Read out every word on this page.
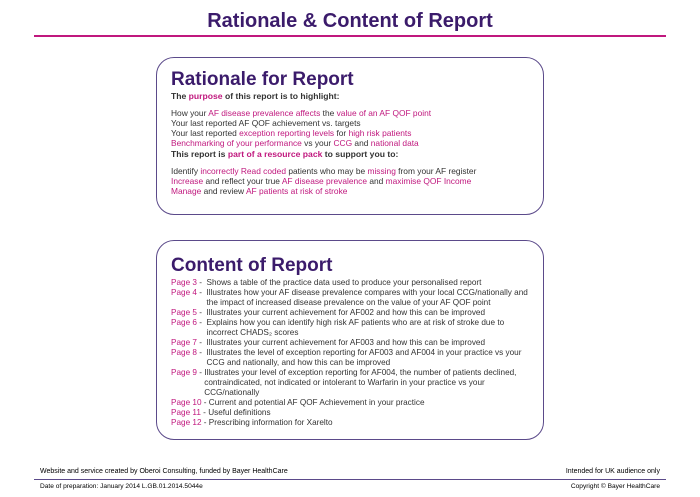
Rationale & Content of Report
Rationale for Report
The purpose of this report is to highlight:
How your AF disease prevalence affects the value of an AF QOF point
Your last reported AF QOF achievement vs. targets
Your last reported exception reporting levels for high risk patients
Benchmarking of your performance vs your CCG and national data
This report is part of a resource pack to support you to:
Identify incorrectly Read coded patients who may be missing from your AF register
Increase and reflect your true AF disease prevalence and maximise QOF Income
Manage and review AF patients at risk of stroke
Content of Report
Page 3 - Shows a table of the practice data used to produce your personalised report
Page 4 - Illustrates how your AF disease prevalence compares with your local CCG/nationally and the impact of increased disease prevalence on the value of your AF QOF point
Page 5 - Illustrates your current achievement for AF002 and how this can be improved
Page 6 - Explains how you can identify high risk AF patients who are at risk of stroke due to incorrect CHADS₂ scores
Page 7 - Illustrates your current achievement for AF003 and how this can be improved
Page 8 - Illustrates the level of exception reporting for AF003 and AF004 in your practice vs your CCG and nationally, and how this can be improved
Page 9 - Illustrates your level of exception reporting for AF004, the number of patients declined, contraindicated, not indicated or intolerant to Warfarin in your practice vs your CCG/nationally
Page 10 - Current and potential AF QOF Achievement in your practice
Page 11 - Useful definitions
Page 12 - Prescribing information for Xarelto
Website and service created by Oberoi Consulting, funded by Bayer HealthCare	Intended for UK audience only
Date of preparation: January 2014 L.GB.01.2014.5044e	Copyright © Bayer HealthCare
